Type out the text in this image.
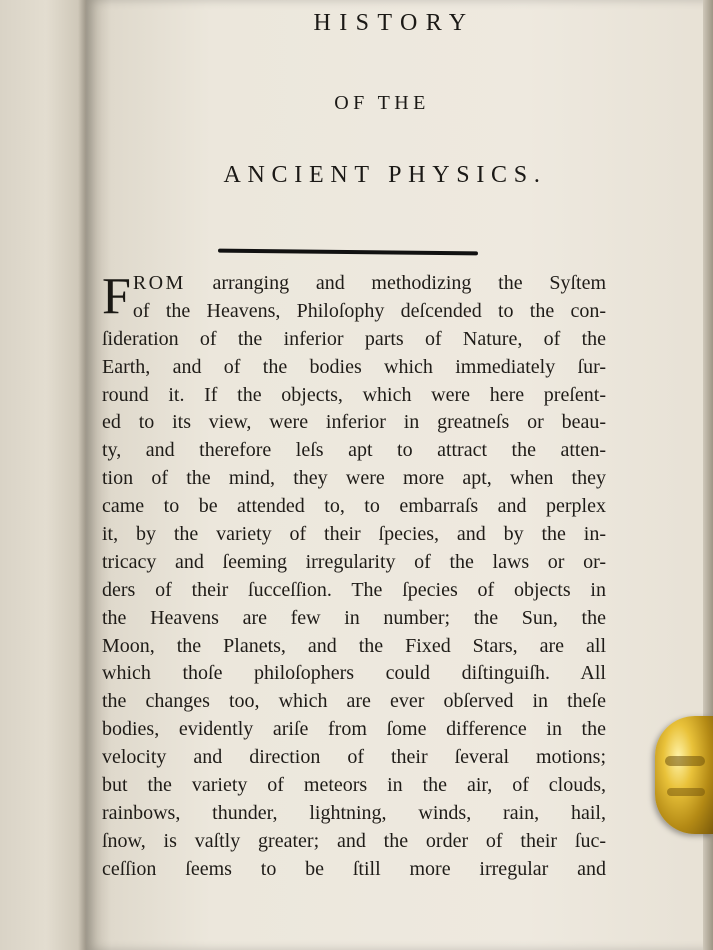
HISTORY
OF THE
ANCIENT PHYSICS.
FROM arranging and methodizing the Syſtem
of the Heavens, Philoſophy deſcended to the con-
ſideration of the inferior parts of Nature, of the
Earth, and of the bodies which immediately ſur-
round it. If the objects, which were here preſent-
ed to its view, were inferior in greatneſs or beau-
ty, and therefore leſs apt to attract the atten-
tion of the mind, they were more apt, when they
came to be attended to, to embarraſs and perplex
it, by the variety of their ſpecies, and by the in-
tricacy and ſeeming irregularity of the laws or or-
ders of their ſucceſſion. The ſpecies of objects in
the Heavens are few in number; the Sun, the
Moon, the Planets, and the Fixed Stars, are all
which thoſe philoſophers could diſtinguiſh. All
the changes too, which are ever obſerved in theſe
bodies, evidently ariſe from ſome difference in the
velocity and direction of their ſeveral motions;
but the variety of meteors in the air, of clouds,
rainbows, thunder, lightning, winds, rain, hail,
ſnow, is vaſtly greater; and the order of their ſuc-
ceſſion ſeems to be ſtill more irregular and
